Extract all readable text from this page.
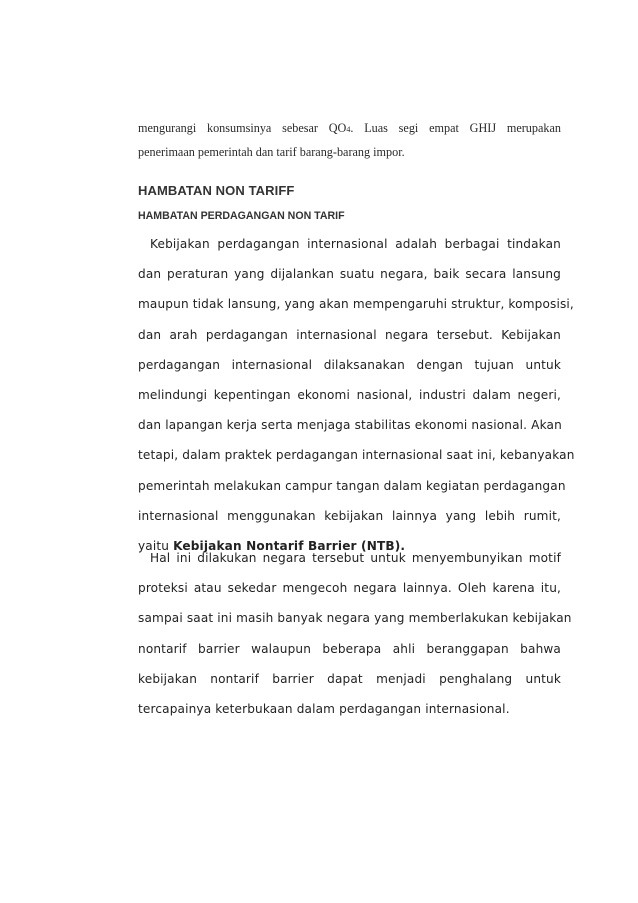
mengurangi konsumsinya sebesar QO4. Luas segi empat GHIJ merupakan
penerimaan pemerintah dan tarif barang-barang impor.

HAMBATAN NON TARIFF
HAMBATAN PERDAGANGAN NON TARIF
Kebijakan perdagangan internasional adalah berbagai tindakan
dan peraturan yang dijalankan suatu negara, baik secara lansung
maupun tidak lansung, yang akan mempengaruhi struktur, komposisi,
dan arah perdagangan internasional negara tersebut. Kebijakan
perdagangan internasional dilaksanakan dengan tujuan untuk
melindungi kepentingan ekonomi nasional, industri dalam negeri,
dan lapangan kerja serta menjaga stabilitas ekonomi nasional. Akan
tetapi, dalam praktek perdagangan internasional saat ini, kebanyakan
pemerintah melakukan campur tangan dalam kegiatan perdagangan
internasional menggunakan kebijakan lainnya yang lebih rumit,
yaitu Kebijakan Nontarif Barrier (NTB).
Hal ini dilakukan negara tersebut untuk menyembunyikan motif
proteksi atau sekedar mengecoh negara lainnya. Oleh karena itu,
sampai saat ini masih banyak negara yang memberlakukan kebijakan
nontarif barrier walaupun beberapa ahli beranggapan bahwa
kebijakan nontarif barrier dapat menjadi penghalang untuk
tercapainya keterbukaan dalam perdagangan internasional.
